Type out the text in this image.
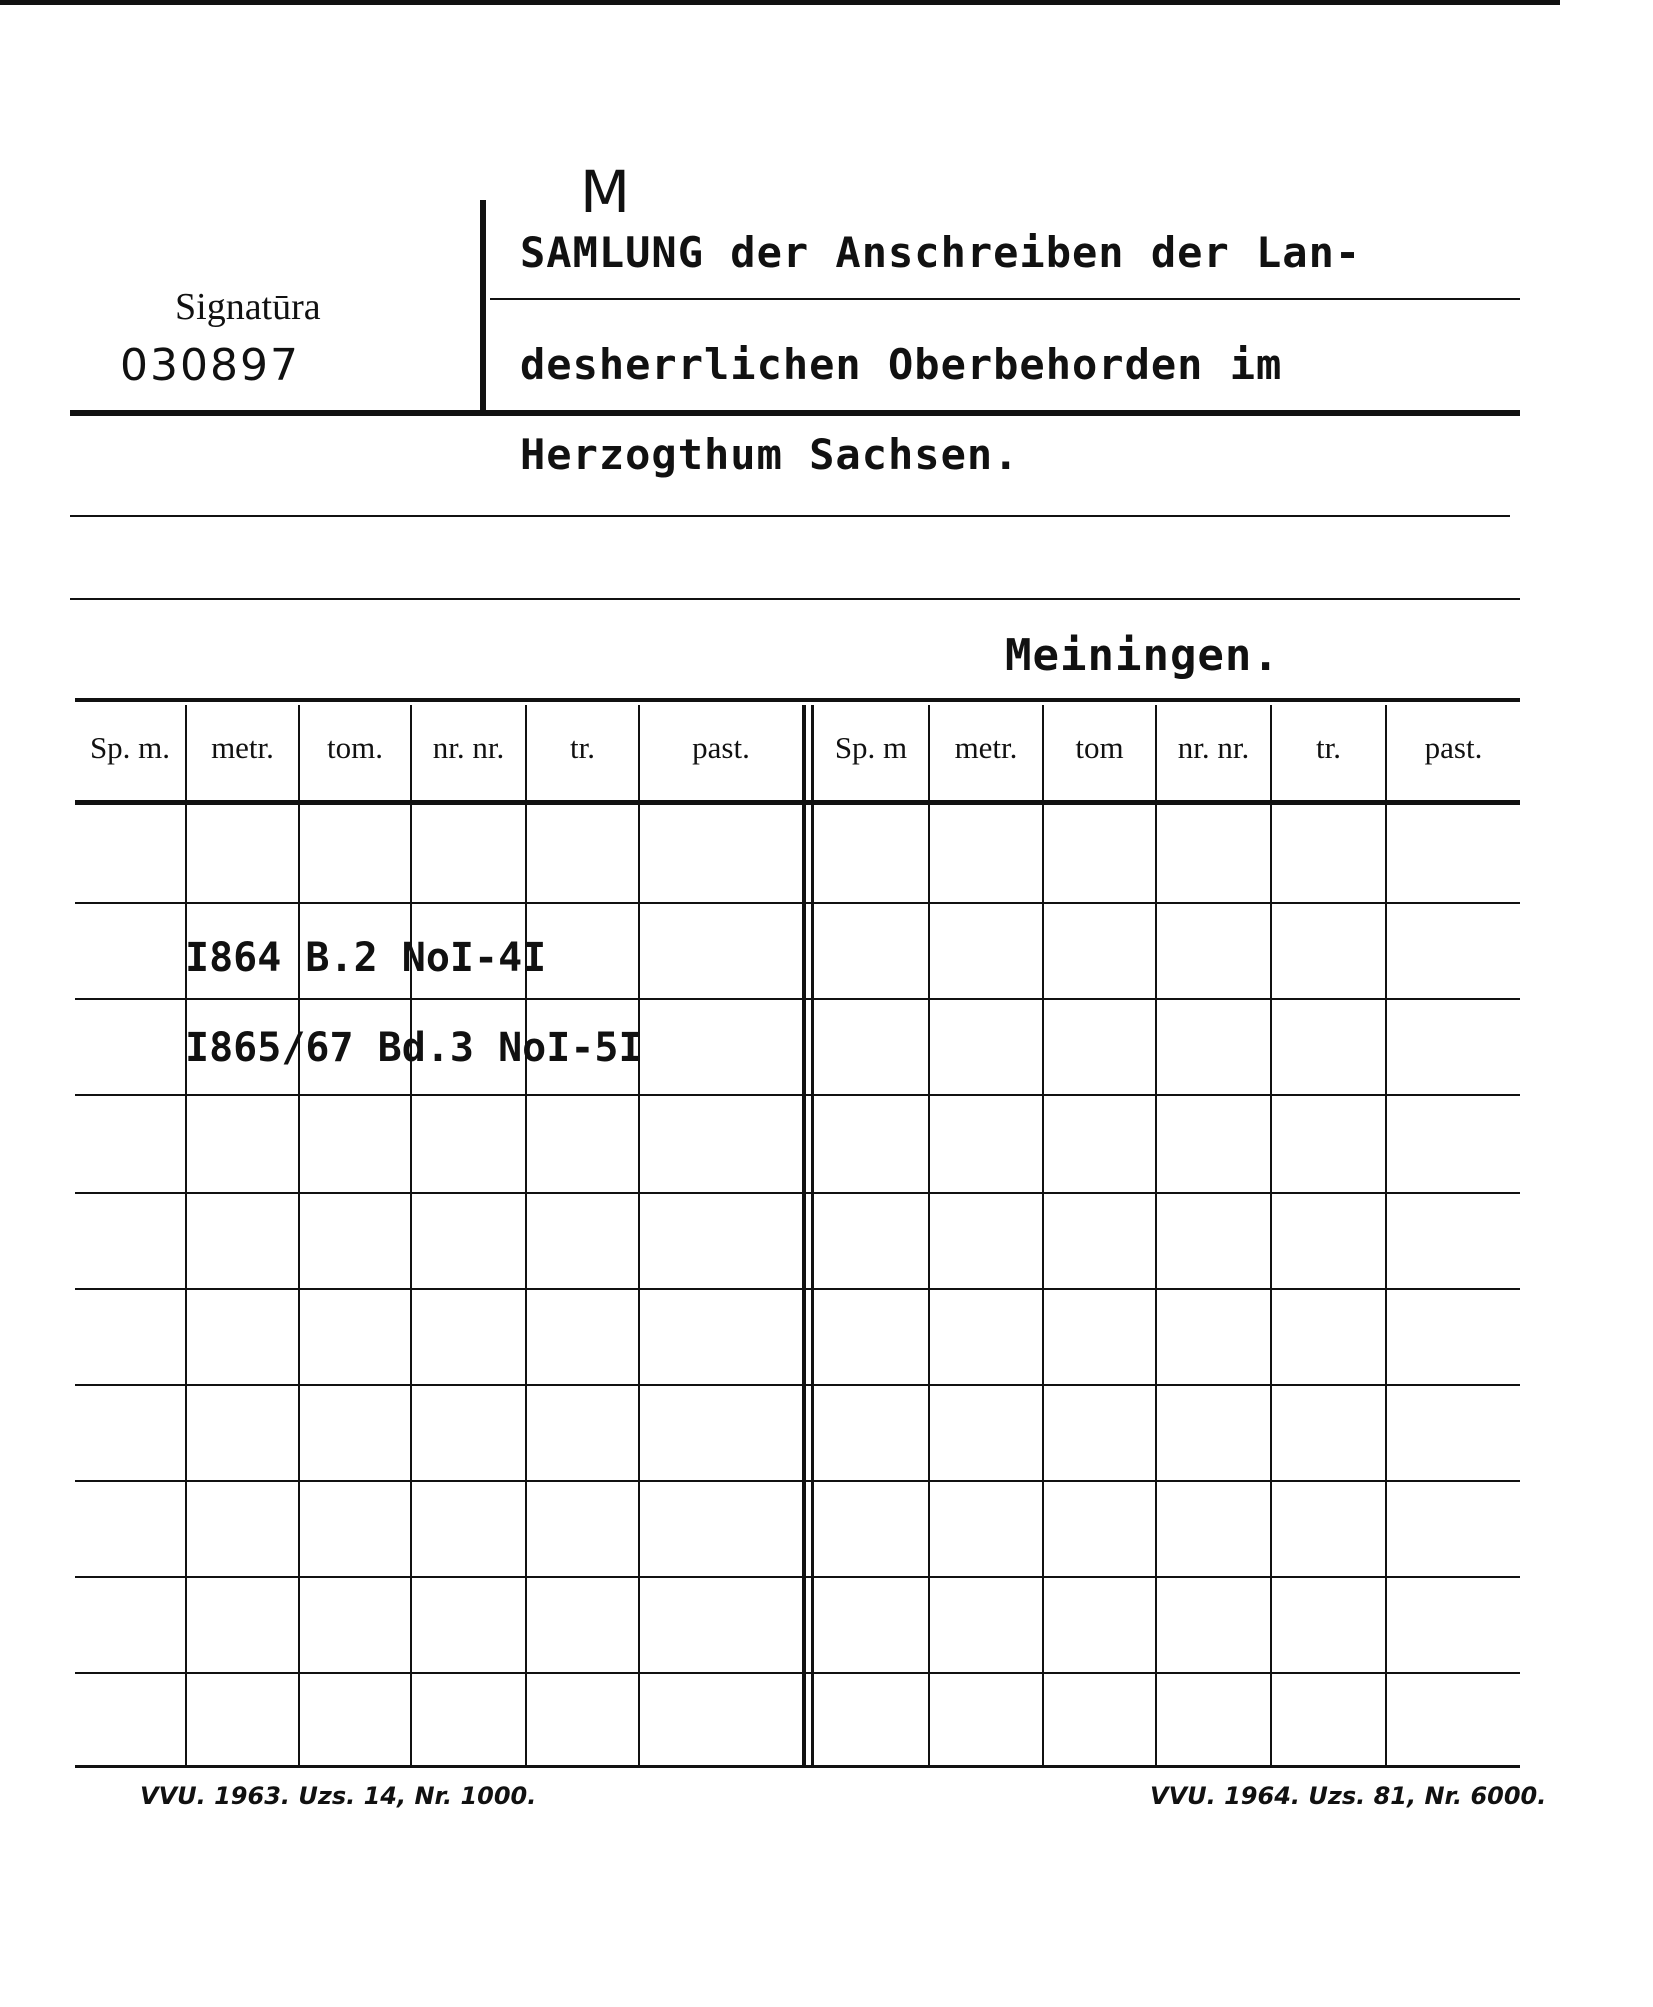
Signatūra
030897
M
SAMLUNG der Anschreiben der Lan-
desherrlichen Oberbehorden im
Herzogthum Sachsen.
Meiningen.
Sp. m.	metr.	tom.	nr. nr.	tr.	past.	Sp. m	metr.	tom	nr. nr.	tr.	past.
I864 B.2 NoI-4I
I865/67 Bd.3 NoI-5I
VVU. 1963. Uzs. 14, Nr. 1000.	VVU. 1964. Uzs. 81, Nr. 6000.
